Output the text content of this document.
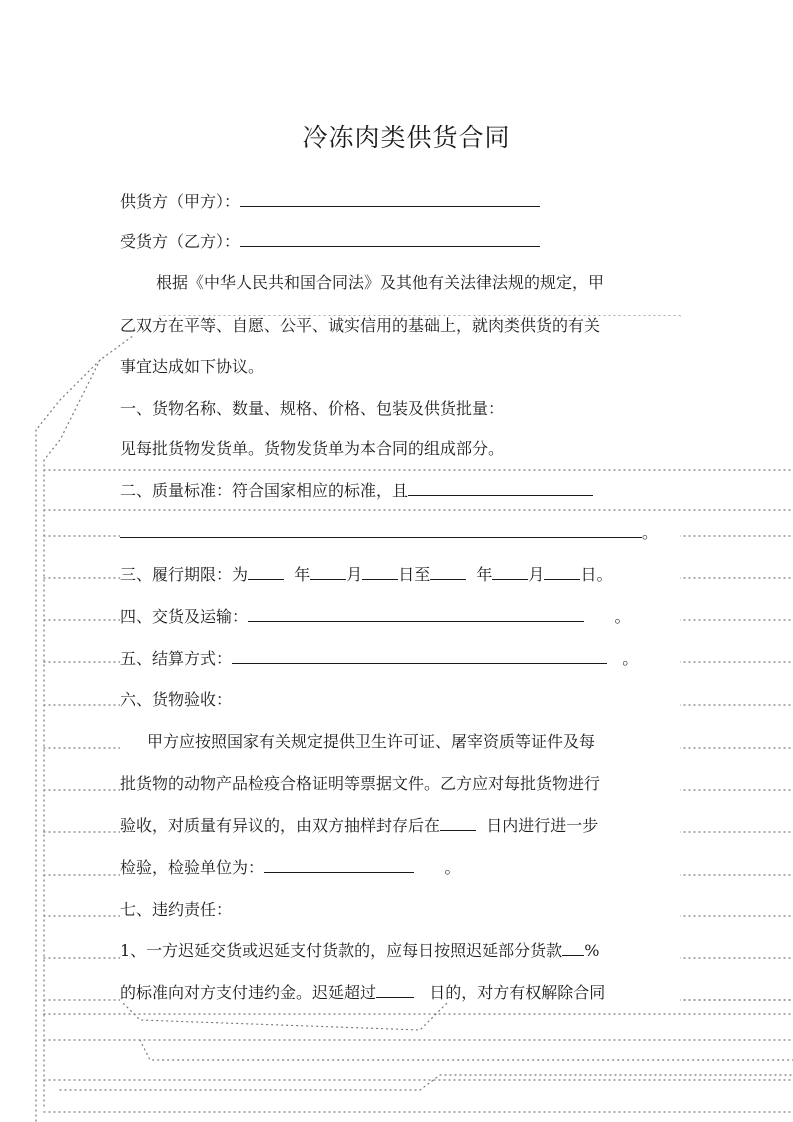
冷冻肉类供货合同
供货方（甲方）：
受货方（乙方）：
根据《中华人民共和国合同法》及其他有关法律法规的规定，甲
乙双方在平等、自愿、公平、诚实信用的基础上，就肉类供货的有关
事宜达成如下协议。
一、货物名称、数量、规格、价格、包装及供货批量：
见每批货物发货单。货物发货单为本合同的组成部分。
二、质量标准：符合国家相应的标准，且
。
三、履行期限：为	年 月 日至	年 月 日。
四、交货及运输：	。
五、结算方式：	。
六、货物验收：
甲方应按照国家有关规定提供卫生许可证、屠宰资质等证件及每
批货物的动物产品检疫合格证明等票据文件。乙方应对每批货物进行
验收，对质量有异议的，由双方抽样封存后在	日内进行进一步
检验，检验单位为：	。
七、违约责任：
1、一方迟延交货或迟延支付货款的，应每日按照迟延部分货款 %
的标准向对方支付违约金。迟延超过	日的，对方有权解除合同
